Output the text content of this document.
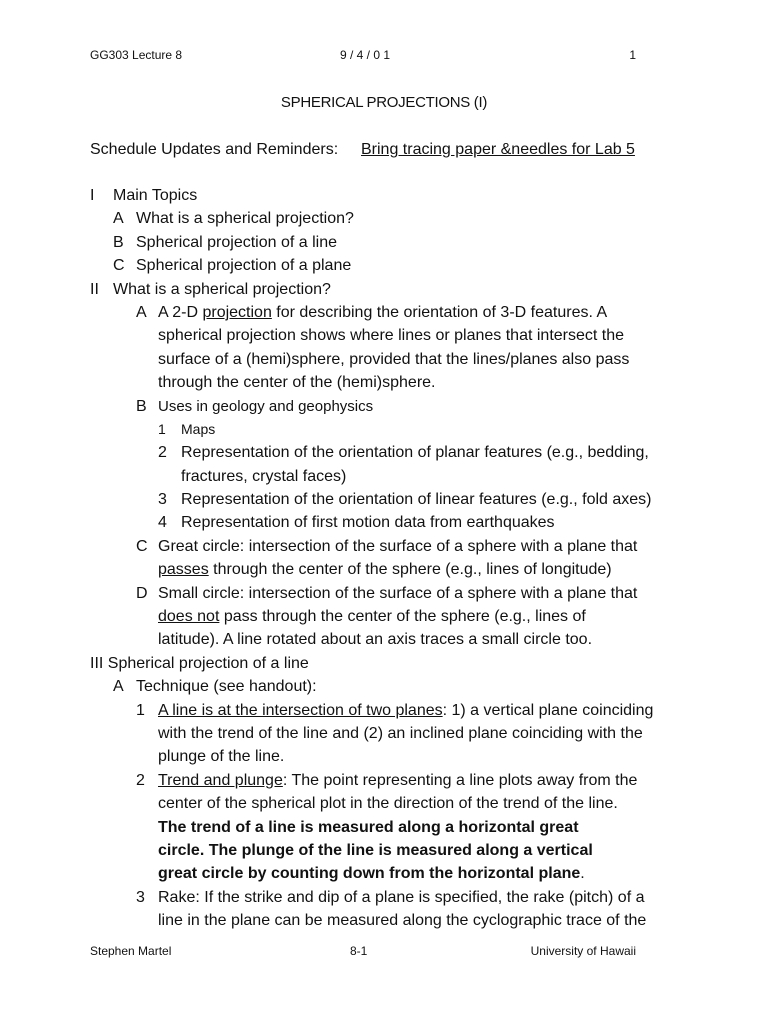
GG303 Lecture 8	9 / 4 / 0 1	1
SPHERICAL PROJECTIONS (I)
Schedule Updates and Reminders: Bring tracing paper &needles for Lab 5
I Main Topics
A What is a spherical projection?
B Spherical projection of a line
C Spherical projection of a plane
II What is a spherical projection?
A A 2-D projection for describing the orientation of 3-D features. A
spherical projection shows where lines or planes that intersect the
surface of a (hemi)sphere, provided that the lines/planes also pass
through the center of the (hemi)sphere.
B Uses in geology and geophysics
1 Maps
2 Representation of the orientation of planar features (e.g., bedding,
fractures, crystal faces)
3 Representation of the orientation of linear features (e.g., fold axes)
4 Representation of first motion data from earthquakes
C Great circle: intersection of the surface of a sphere with a plane that
passes through the center of the sphere (e.g., lines of longitude)
D Small circle: intersection of the surface of a sphere with a plane that
does not pass through the center of the sphere (e.g., lines of
latitude). A line rotated about an axis traces a small circle too.
III Spherical projection of a line
A Technique (see handout):
1 A line is at the intersection of two planes: 1) a vertical plane coinciding
with the trend of the line and (2) an inclined plane coinciding with the
plunge of the line.
2 Trend and plunge: The point representing a line plots away from the
center of the spherical plot in the direction of the trend of the line.
The trend of a line is measured along a horizontal great
circle. The plunge of the line is measured along a vertical
great circle by counting down from the horizontal plane.
3 Rake: If the strike and dip of a plane is specified, the rake (pitch) of a
line in the plane can be measured along the cyclographic trace of the
Stephen Martel	8-1	University of Hawaii
